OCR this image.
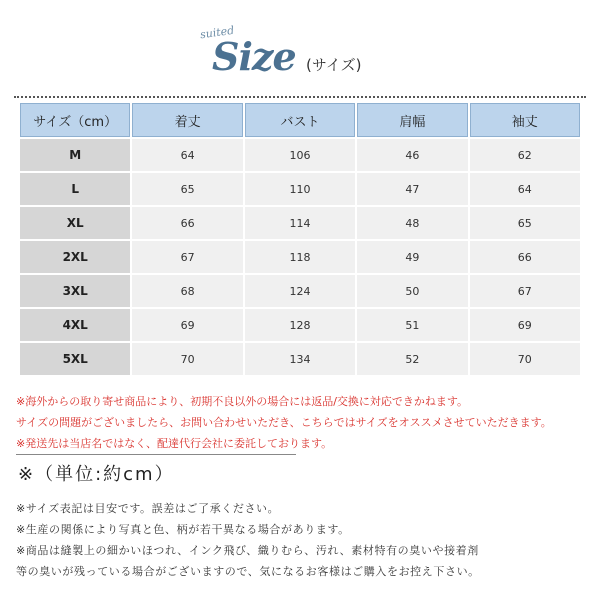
suited
Size (サイズ)
サイズ（cm）	着丈	バスト	肩幅	袖丈
M	64	106	46	62
L	65	110	47	64
XL	66	114	48	65
2XL	67	118	49	66
3XL	68	124	50	67
4XL	69	128	51	69
5XL	70	134	52	70
※海外からの取り寄せ商品により、初期不良以外の場合には返品/交換に対応できかねます。
サイズの問題がございましたら、お問い合わせいただき、こちらではサイズをオススメさせていただきます。
※発送先は当店名ではなく、配達代行会社に委託しております。
※（単位:約cm）
※サイズ表記は目安です。誤差はご了承ください。
※生産の関係により写真と色、柄が若干異なる場合があります。
※商品は縫製上の細かいほつれ、インク飛び、織りむら、汚れ、素材特有の臭いや接着剤
等の臭いが残っている場合がございますので、気になるお客様はご購入をお控え下さい。
